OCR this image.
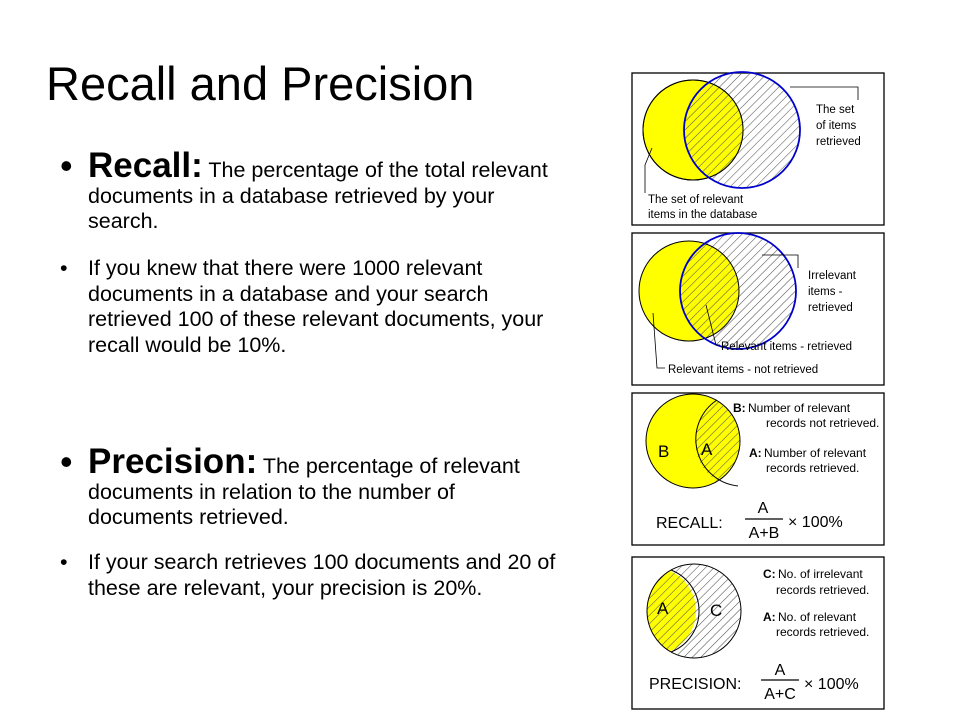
Recall and Precision
• Recall: The percentage of the total relevant documents in a database retrieved by your search.
• If you knew that there were 1000 relevant documents in a database and your search retrieved 100 of these relevant documents, your recall would be 10%.
• Precision: The percentage of relevant documents in relation to the number of documents retrieved.
• If your search retrieves 100 documents and 20 of these are relevant, your precision is 20%.
The set
of items
retrieved
The set of relevant
items in the database
Irrelevant
items -
retrieved
Relevant items - retrieved
Relevant items - not retrieved
B A
B: Number of relevant
records not retrieved.
A: Number of relevant
records retrieved.
RECALL:
A
A+B
× 100%
A C
C: No. of irrelevant
records retrieved.
A: No. of relevant
records retrieved.
PRECISION:
A
A+C
× 100%
